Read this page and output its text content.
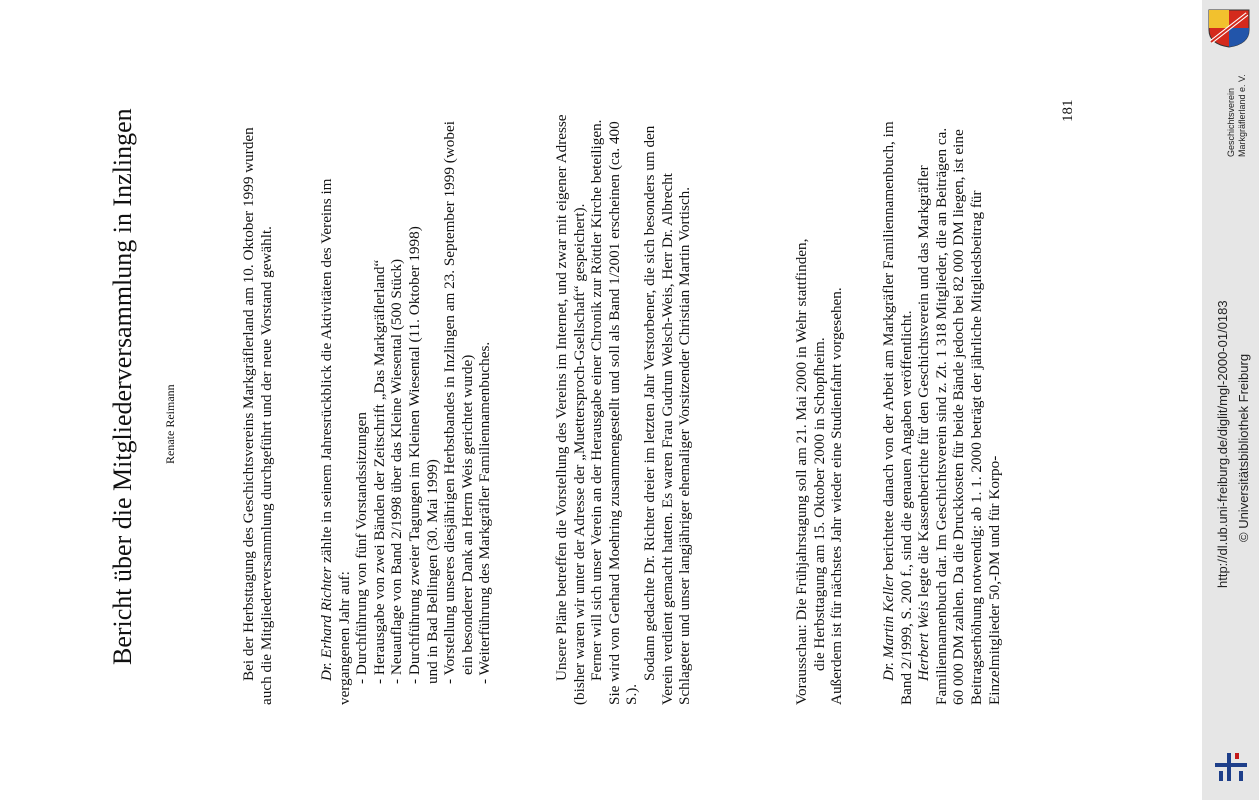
Bericht über die Mitgliederversammlung in Inzlingen Renate Reimann	Bei der Herbsttagung des Geschichtsvereins Markgräflerland am 10. Oktober 1999 wurden auch die Mitgliederversammlung durchgeführt und der neue Vorstand gewählt.	Dr. Erhard Richter zählte in seinem Jahresrückblick die Aktivitäten des Vereins im vergangenen Jahr auf: - Durchführung von fünf Vorstandssitzungen - Herausgabe von zwei Bänden der Zeitschrift „Das Markgräflerland“ - Neuauflage von Band 2/1998 über das Kleine Wiesental (500 Stück) - Durchführung zweier Tagungen im Kleinen Wiesental (11. Oktober 1998) und in Bad Bellingen (30. Mai 1999) - Vorstellung unseres diesjährigen Herbstbandes in Inzlingen am 23. September 1999 (wobei ein besonderer Dank an Herrn Weis gerichtet wurde) - Weiterführung des Markgräfler Familiennamenbuches.	Unsere Pläne betreffen die Vorstellung des Vereins im Internet, und zwar mit eigener Adresse (bisher waren wir unter der Adresse der „Muettersproch-Gsellschaft“ gespeichert). Ferner will sich unser Verein an der Herausgabe einer Chronik zur Röttler Kirche beteiligen. Sie wird von Gerhard Moehring zusammengestellt und soll als Band 1/2001 erscheinen (ca. 400 S.).

Sodann gedachte Dr. Richter dreier im letzten Jahr Verstorbener, die sich besonders um den Verein verdient gemacht hatten. Es waren Frau Gudrun Welsch-Weis, Herr Dr. Albrecht Schlageter und unser langjähriger ehemaliger Vorsitzender Christian Martin Vortisch.	Vorausschau: Die Frühjahrstagung soll am 21. Mai 2000 in Wehr stattfinden, die Herbsttagung am 15. Oktober 2000 in Schopfheim. Außerdem ist für nächstes Jahr wieder eine Studienfahrt vorgesehen. Dr. Martin Keller berichtete danach von der Arbeit am Markgräfler Familiennamenbuch, im Band 2/1999, S. 200 f., sind die genauen Angaben veröffentlicht. Herbert Weis legte die Kassenberichte für den Geschichtsverein und das Markgräfler Familiennamenbuch dar. Im Geschichtsverein sind z. Zt. 1 318 Mitglieder, die an Beiträgen ca. 60 000 DM zahlen. Da die Druckkosten für beide Bände jedoch bei 82 000 DM liegen, ist eine Beitragserhöhung notwendig: ab 1. 1. 2000 beträgt der jährliche Mitgliedsbeitrag für Einzelmitglieder 50,-DM und für Korpo-

181
http://dl.ub.uni-freiburg.de/diglit/mgl-2000-01/0183 © Universitätsbibliothek Freiburg
Geschichtsverein Markgräflerland e. V.
